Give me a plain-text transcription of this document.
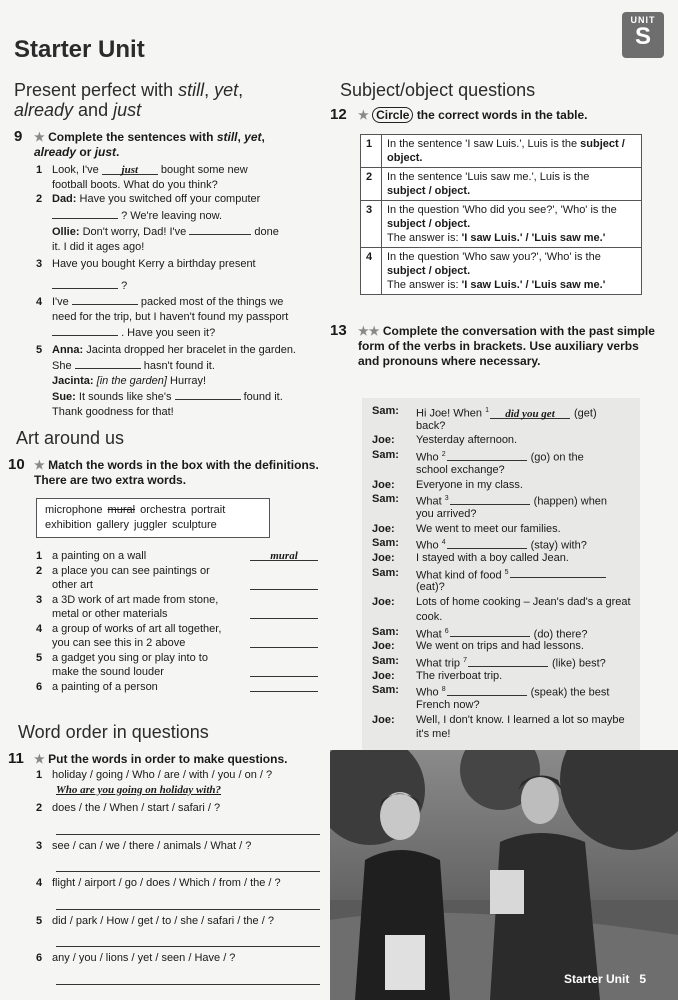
Starter Unit
UNIT
S
Present perfect with still, yet,
already and just
9 ★ Complete the sentences with still, yet,
already or just.
1 Look, I've just bought some new
football boots. What do you think?
2 Dad: Have you switched off your computer
? We're leaving now.
Ollie: Don't worry, Dad! I've	done
it. I did it ages ago!
3 Have you bought Kerry a birthday present
?
4 I've	packed most of the things we
need for the trip, but I haven't found my passport
. Have you seen it?
5 Anna: Jacinta dropped her bracelet in the garden.
She	hasn't found it.
Jacinta: [in the garden] Hurray!
Sue: It sounds like she's	found it.
Thank goodness for that!
Art around us
10 ★ Match the words in the box with the definitions. There are two extra words.
microphone mural orchestra portrait
exhibition gallery juggler sculpture
1 a painting on a wall	mural
2 a place you can see paintings or
other art
3 a 3D work of art made from stone,
metal or other materials
4 a group of works of art all together,
you can see this in 2 above
5 a gadget you sing or play into to
make the sound louder
6 a painting of a person
Word order in questions
11 ★ Put the words in order to make questions.
1 holiday / going / Who / are / with / you / on / ?
Who are you going on holiday with?
2 does / the / When / start / safari / ?
3 see / can / we / there / animals / What / ?
4 flight / airport / go / does / Which / from / the / ?
5 did / park / How / get / to / she / safari / the / ?
6 any / you / lions / yet / seen / Have / ?
Subject/object questions
12 ★ Circle the correct words in the table.
1	In the sentence 'I saw Luis.', Luis is the subject /
object.
2	In the sentence 'Luis saw me.', Luis is the
subject / object.
3	In the question 'Who did you see?', 'Who' is the
subject / object.
The answer is: 'I saw Luis.' / 'Luis saw me.'
4	In the question 'Who saw you?', 'Who' is the
subject / object.
The answer is: 'I saw Luis.' / 'Luis saw me.'
13 ★★ Complete the conversation with the past simple form of the verbs in brackets. Use auxiliary verbs and pronouns where necessary.
Sam: Hi Joe! When $^1$ did you get (get)
back?
Joe: Yesterday afternoon.
Sam: Who $^2$	(go) on the
school exchange?
Joe: Everyone in my class.
Sam: What $^3$	(happen) when
you arrived?
Joe: We went to meet our families.
Sam: Who $^4$	(stay) with?
Joe: I stayed with a boy called Jean.
Sam: What kind of food $^5$
(eat)?
Joe: Lots of home cooking – Jean's dad's a great
cook.
Sam: What $^6$	(do) there?
Joe: We went on trips and had lessons.
Sam: What trip $^7$	(like) best?
Joe: The riverboat trip.
Sam: Who $^8$	(speak) the best
French now?
Joe: Well, I don't know. I learned a lot so maybe
it's me!
Starter Unit 5
